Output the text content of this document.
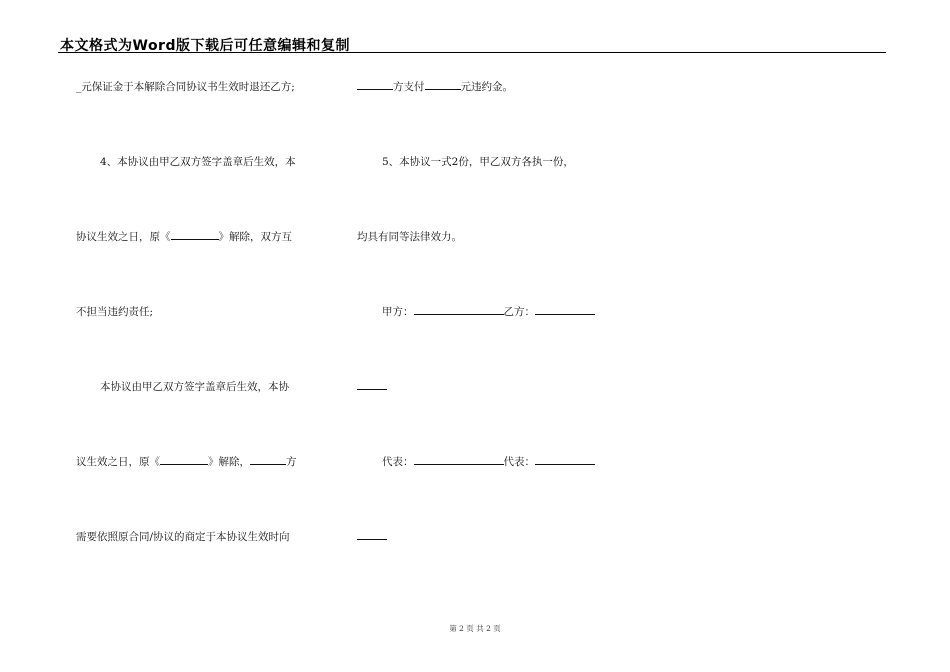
本文格式为Word版下载后可任意编辑和复制
_元保证金于本解除合同协议书生效时退还乙方;
4、本协议由甲乙双方签字盖章后生效，本
协议生效之日，原《	》解除，双方互
不担当违约责任;
本协议由甲乙双方签字盖章后生效，本协
议生效之日，原《	》解除，	方
需要依照原合同/协议的商定于本协议生效时向
方支付	元违约金。
5、本协议一式2份，甲乙双方各执一份，
均具有同等法律效力。
甲方：	乙方：
代表：	代表：
第 2 页 共 2 页
